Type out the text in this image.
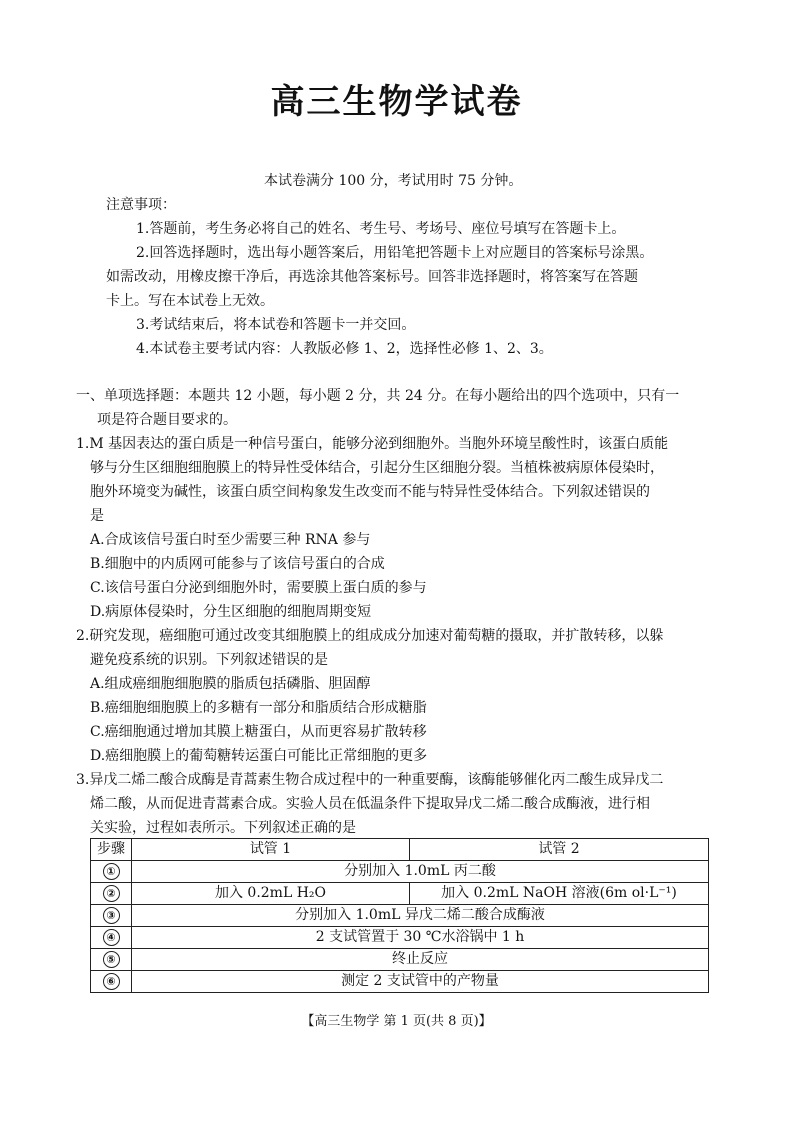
高三生物学试卷
本试卷满分 100 分，考试用时 75 分钟。
注意事项：
1.答题前，考生务必将自己的姓名、考生号、考场号、座位号填写在答题卡上。
2.回答选择题时，选出每小题答案后，用铅笔把答题卡上对应题目的答案标号涂黑。
如需改动，用橡皮擦干净后，再选涂其他答案标号。回答非选择题时，将答案写在答题
卡上。写在本试卷上无效。
3.考试结束后，将本试卷和答题卡一并交回。
4.本试卷主要考试内容：人教版必修 1、2，选择性必修 1、2、3。
一、单项选择题：本题共 12 小题，每小题 2 分，共 24 分。在每小题给出的四个选项中，只有一
项是符合题目要求的。
1.M 基因表达的蛋白质是一种信号蛋白，能够分泌到细胞外。当胞外环境呈酸性时，该蛋白质能
够与分生区细胞细胞膜上的特异性受体结合，引起分生区细胞分裂。当植株被病原体侵染时，
胞外环境变为碱性，该蛋白质空间构象发生改变而不能与特异性受体结合。下列叙述错误的
是
A.合成该信号蛋白时至少需要三种 RNA 参与
B.细胞中的内质网可能参与了该信号蛋白的合成
C.该信号蛋白分泌到细胞外时，需要膜上蛋白质的参与
D.病原体侵染时，分生区细胞的细胞周期变短
2.研究发现，癌细胞可通过改变其细胞膜上的组成成分加速对葡萄糖的摄取，并扩散转移，以躲
避免疫系统的识别。下列叙述错误的是
A.组成癌细胞细胞膜的脂质包括磷脂、胆固醇
B.癌细胞细胞膜上的多糖有一部分和脂质结合形成糖脂
C.癌细胞通过增加其膜上糖蛋白，从而更容易扩散转移
D.癌细胞膜上的葡萄糖转运蛋白可能比正常细胞的更多
3.异戊二烯二酸合成酶是青蒿素生物合成过程中的一种重要酶，该酶能够催化丙二酸生成异戊二
烯二酸，从而促进青蒿素合成。实验人员在低温条件下提取异戊二烯二酸合成酶液，进行相
关实验，过程如表所示。下列叙述正确的是
步骤	试管 1	试管 2
①	分别加入 1.0mL 丙二酸	
②	加入 0.2mL H₂O	加入 0.2mL NaOH 溶液(6m ol·L⁻¹)
③	分别加入 1.0mL 异戊二烯二酸合成酶液	
④	2 支试管置于 30 ℃水浴锅中 1 h	
⑤	终止反应	
⑥	测定 2 支试管中的产物量	
【高三生物学 第 1 页(共 8 页)】
